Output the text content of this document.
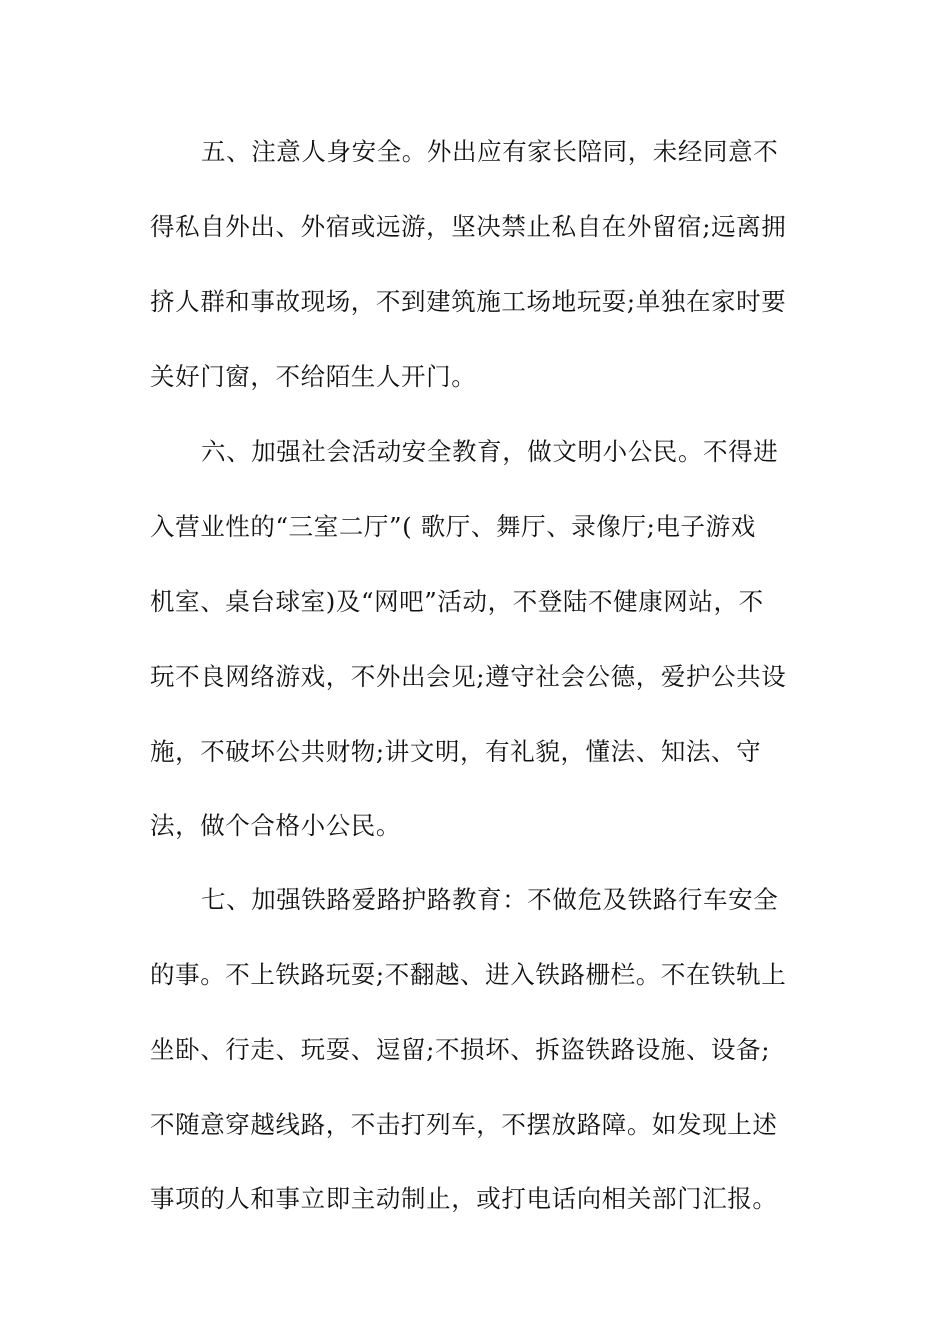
五、注意人身安全。外出应有家长陪同，未经同意不
得私自外出、外宿或远游，坚决禁止私自在外留宿;远离拥
挤人群和事故现场，不到建筑施工场地玩耍;单独在家时要
关好门窗，不给陌生人开门。
六、加强社会活动安全教育，做文明小公民。不得进
入营业性的“三室二厅”( 歌厅、舞厅、录像厅;电子游戏
机室、桌台球室)及“网吧”活动，不登陆不健康网站，不
玩不良网络游戏，不外出会见;遵守社会公德，爱护公共设
施，不破坏公共财物;讲文明，有礼貌，懂法、知法、守
法，做个合格小公民。
七、加强铁路爱路护路教育：不做危及铁路行车安全
的事。不上铁路玩耍;不翻越、进入铁路栅栏。不在铁轨上
坐卧、行走、玩耍、逗留;不损坏、拆盗铁路设施、设备;
不随意穿越线路，不击打列车，不摆放路障。如发现上述
事项的人和事立即主动制止，或打电话向相关部门汇报。
